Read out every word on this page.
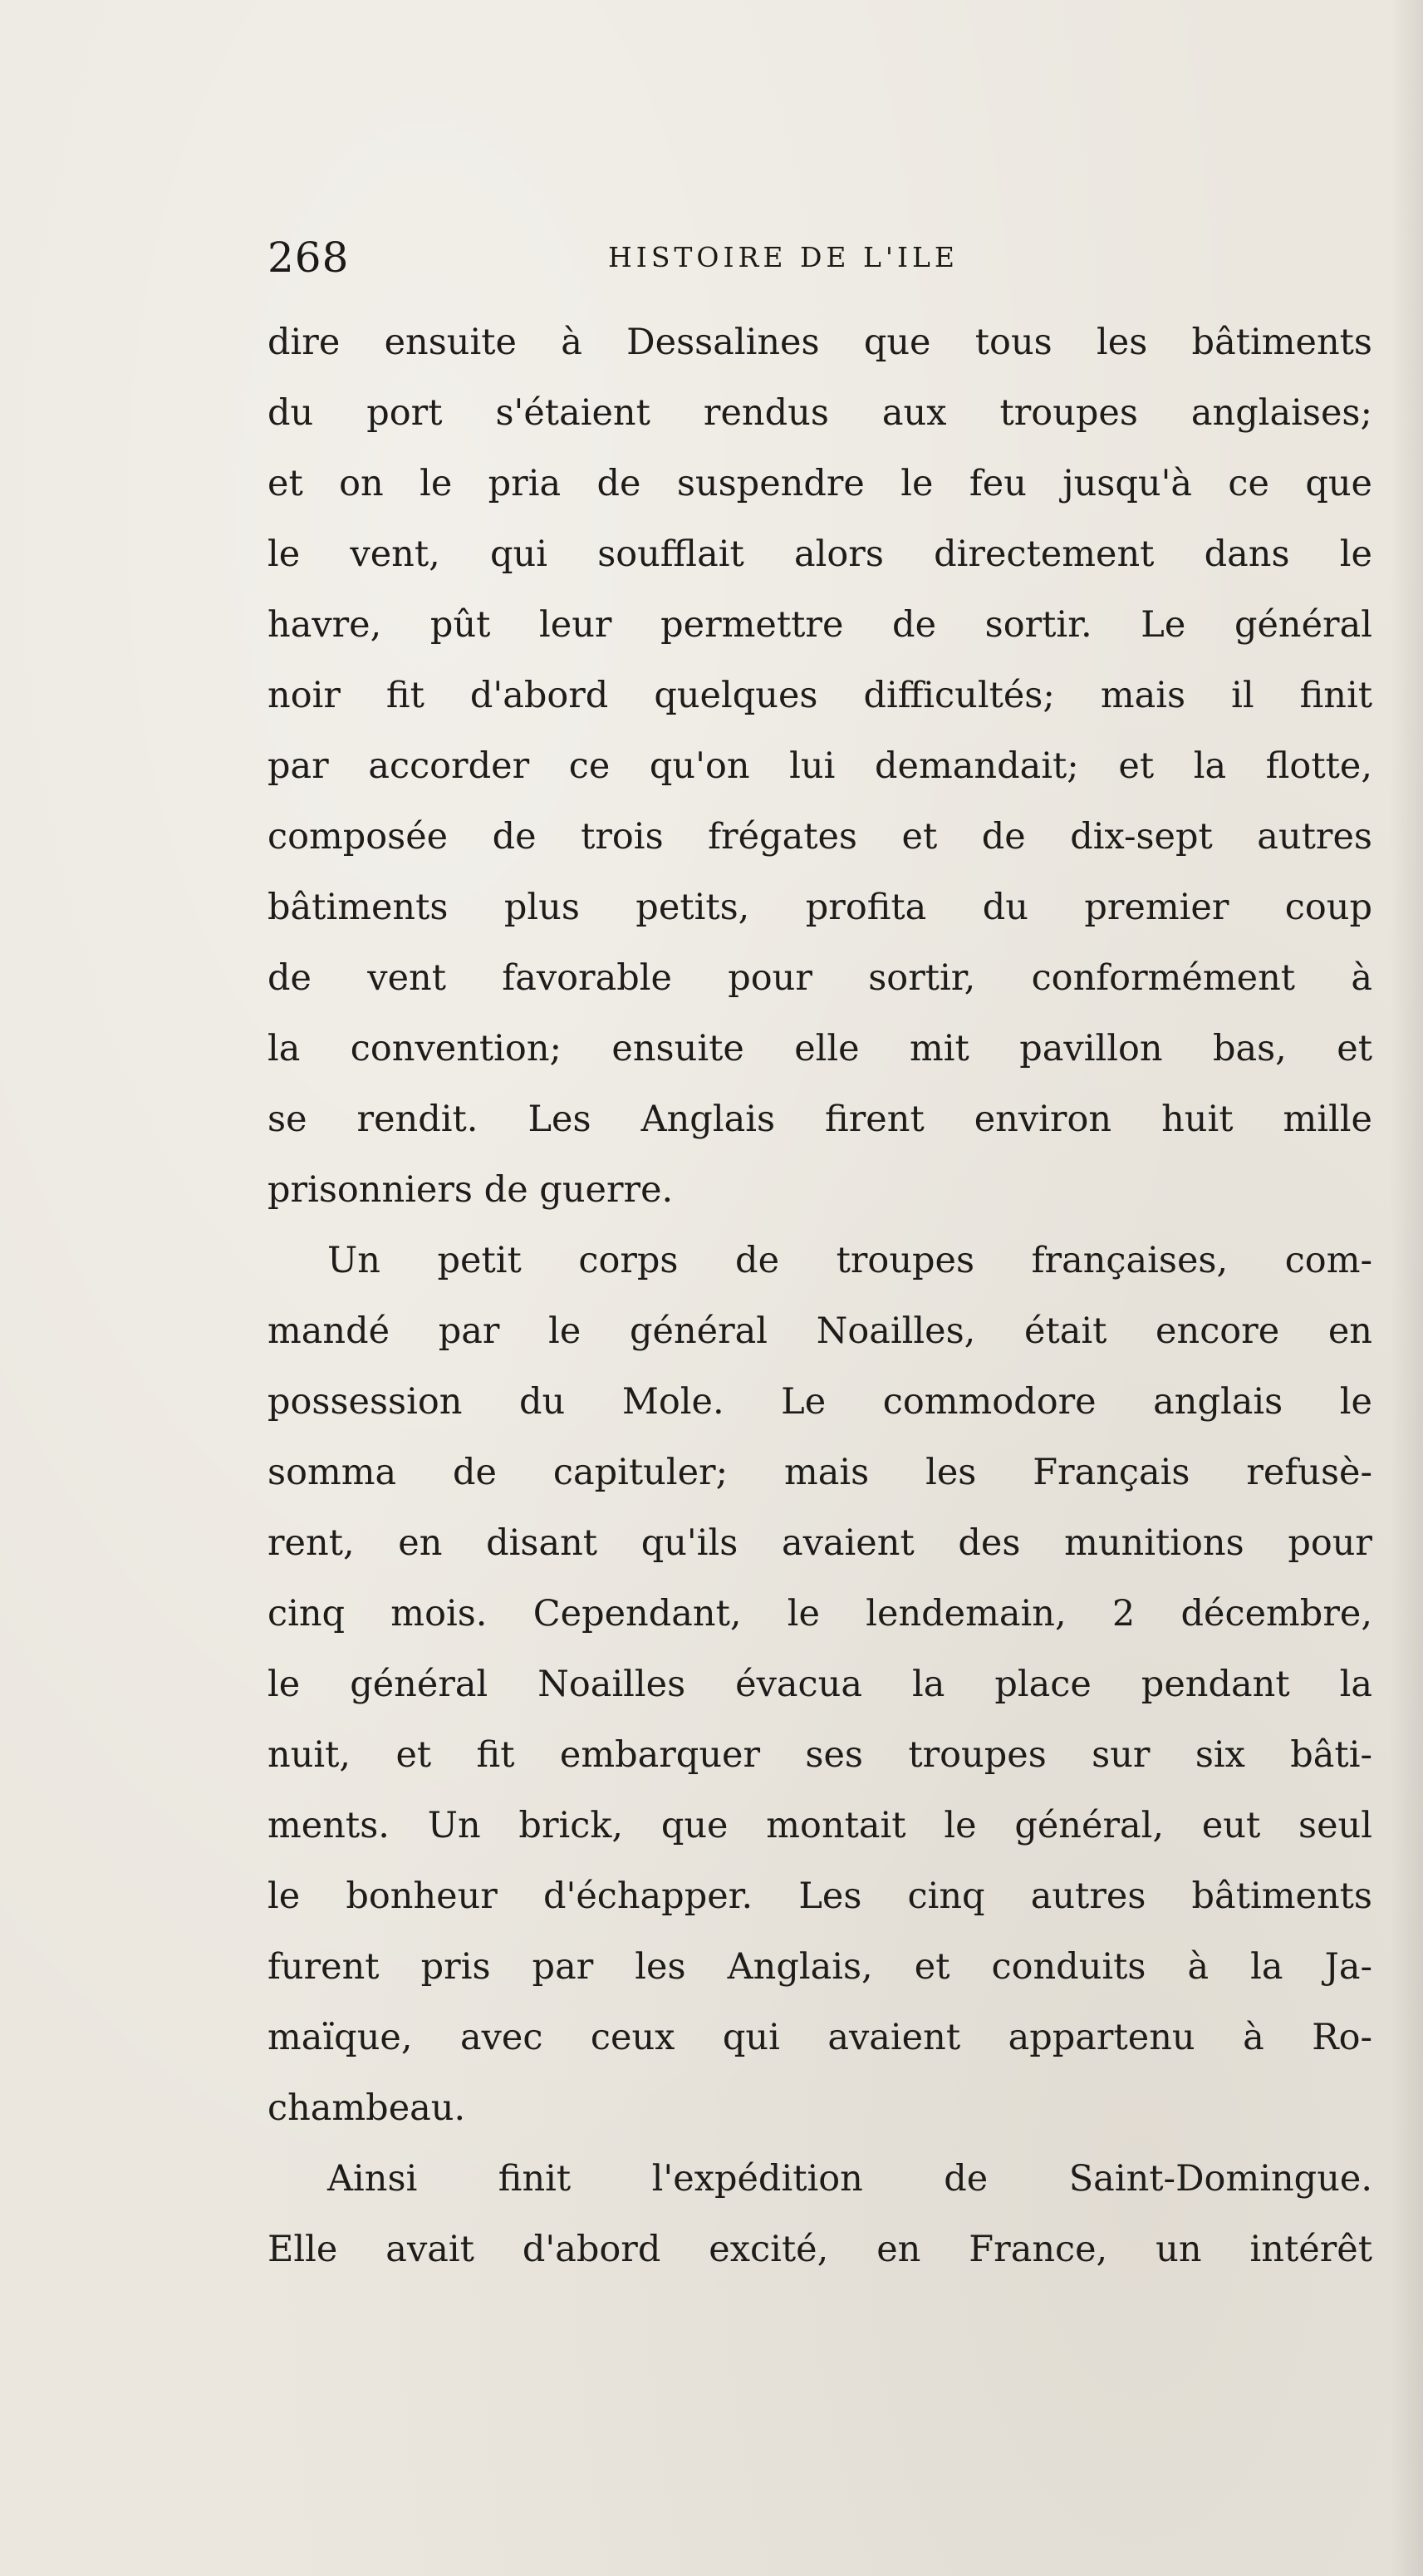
268	HISTOIRE DE L'ILE
dire ensuite à Dessalines que tous les bâtiments
du port s'étaient rendus aux troupes anglaises;
et on le pria de suspendre le feu jusqu'à ce que
le vent, qui soufflait alors directement dans le
havre, pût leur permettre de sortir. Le général
noir fit d'abord quelques difficultés; mais il finit
par accorder ce qu'on lui demandait; et la flotte,
composée de trois frégates et de dix-sept autres
bâtiments plus petits, profita du premier coup
de vent favorable pour sortir, conformément à
la convention; ensuite elle mit pavillon bas, et
se rendit. Les Anglais firent environ huit mille
prisonniers de guerre.
Un petit corps de troupes françaises, com-
mandé par le général Noailles, était encore en
possession du Mole. Le commodore anglais le
somma de capituler; mais les Français refusè-
rent, en disant qu'ils avaient des munitions pour
cinq mois. Cependant, le lendemain, 2 décembre,
le général Noailles évacua la place pendant la
nuit, et fit embarquer ses troupes sur six bâti-
ments. Un brick, que montait le général, eut seul
le bonheur d'échapper. Les cinq autres bâtiments
furent pris par les Anglais, et conduits à la Ja-
maïque, avec ceux qui avaient appartenu à Ro-
chambeau.
Ainsi finit l'expédition de Saint-Domingue.
Elle avait d'abord excité, en France, un intérêt
